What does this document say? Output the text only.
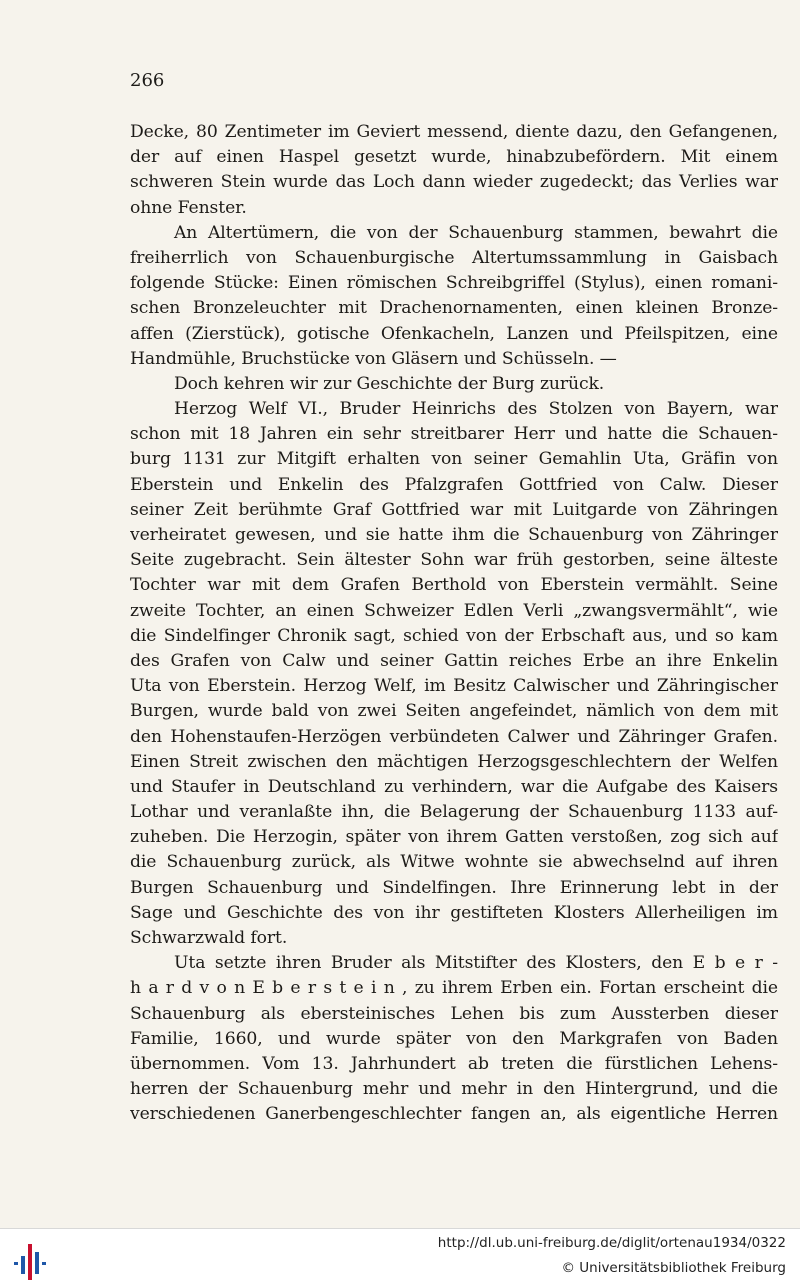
266
Decke, 80 Zentimeter im Geviert messend, diente dazu, den Gefangenen,
der auf einen Haspel gesetzt wurde, hinabzubefördern. Mit einem
schweren Stein wurde das Loch dann wieder zugedeckt; das Verlies war
ohne Fenster.
An Altertümern, die von der Schauenburg stammen, bewahrt die
freiherrlich von Schauenburgische Altertumssammlung in Gaisbach
folgende Stücke: Einen römischen Schreibgriffel (Stylus), einen romani-
schen Bronzeleuchter mit Drachenornamenten, einen kleinen Bronze-
affen (Zierstück), gotische Ofenkacheln, Lanzen und Pfeilspitzen, eine
Handmühle, Bruchstücke von Gläsern und Schüsseln. —
Doch kehren wir zur Geschichte der Burg zurück.
Herzog Welf VI., Bruder Heinrichs des Stolzen von Bayern, war
schon mit 18 Jahren ein sehr streitbarer Herr und hatte die Schauen-
burg 1131 zur Mitgift erhalten von seiner Gemahlin Uta, Gräfin von
Eberstein und Enkelin des Pfalzgrafen Gottfried von Calw. Dieser
seiner Zeit berühmte Graf Gottfried war mit Luitgarde von Zähringen
verheiratet gewesen, und sie hatte ihm die Schauenburg von Zähringer
Seite zugebracht. Sein ältester Sohn war früh gestorben, seine älteste
Tochter war mit dem Grafen Berthold von Eberstein vermählt. Seine
zweite Tochter, an einen Schweizer Edlen Verli „zwangsvermählt“, wie
die Sindelfinger Chronik sagt, schied von der Erbschaft aus, und so kam
des Grafen von Calw und seiner Gattin reiches Erbe an ihre Enkelin
Uta von Eberstein. Herzog Welf, im Besitz Calwischer und Zähringischer
Burgen, wurde bald von zwei Seiten angefeindet, nämlich von dem mit
den Hohenstaufen-Herzögen verbündeten Calwer und Zähringer Grafen.
Einen Streit zwischen den mächtigen Herzogsgeschlechtern der Welfen
und Staufer in Deutschland zu verhindern, war die Aufgabe des Kaisers
Lothar und veranlaßte ihn, die Belagerung der Schauenburg 1133 auf-
zuheben. Die Herzogin, später von ihrem Gatten verstoßen, zog sich auf
die Schauenburg zurück, als Witwe wohnte sie abwechselnd auf ihren
Burgen Schauenburg und Sindelfingen. Ihre Erinnerung lebt in der
Sage und Geschichte des von ihr gestifteten Klosters Allerheiligen im
Schwarzwald fort.
Uta setzte ihren Bruder als Mitstifter des Klosters, den E b e r -
h a r d v o n E b e r s t e i n , zu ihrem Erben ein. Fortan erscheint die
Schauenburg als ebersteinisches Lehen bis zum Aussterben dieser
Familie, 1660, und wurde später von den Markgrafen von Baden
übernommen. Vom 13. Jahrhundert ab treten die fürstlichen Lehens-
herren der Schauenburg mehr und mehr in den Hintergrund, und die
verschiedenen Ganerbengeschlechter fangen an, als eigentliche Herren
http://dl.ub.uni-freiburg.de/diglit/ortenau1934/0322
© Universitätsbibliothek Freiburg
